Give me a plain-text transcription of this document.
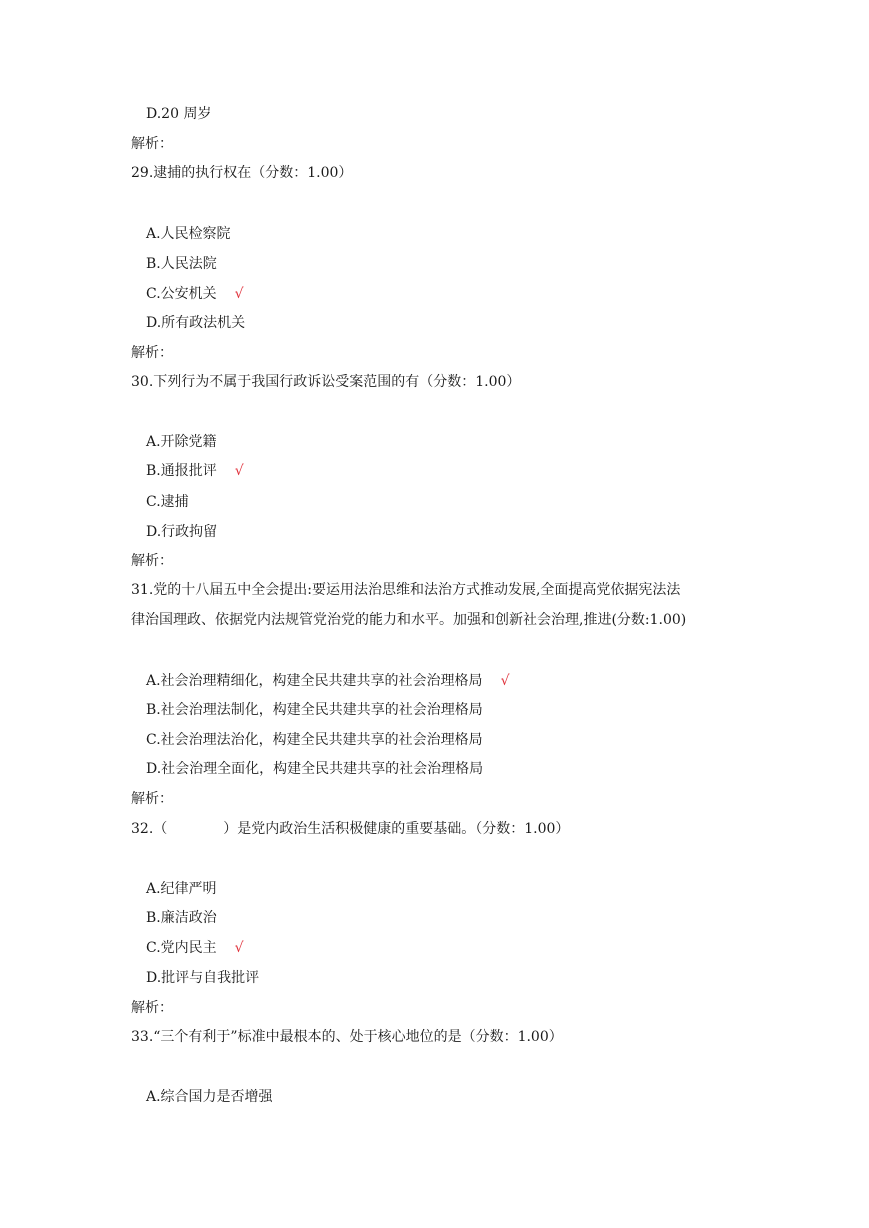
D.20 周岁
解析：
29.逮捕的执行权在（分数：1.00）
A.人民检察院
B.人民法院
C.公安机关 √
D.所有政法机关
解析：
30.下列行为不属于我国行政诉讼受案范围的有（分数：1.00）
A.开除党籍
B.通报批评 √
C.逮捕
D.行政拘留
解析：
31.党的十八届五中全会提出:要运用法治思维和法治方式推动发展,全面提高党依据宪法法
律治国理政、依据党内法规管党治党的能力和水平。加强和创新社会治理,推进(分数:1.00)
A.社会治理精细化，构建全民共建共享的社会治理格局 √
B.社会治理法制化，构建全民共建共享的社会治理格局
C.社会治理法治化，构建全民共建共享的社会治理格局
D.社会治理全面化，构建全民共建共享的社会治理格局
解析：
32.（　　　　）是党内政治生活积极健康的重要基础。（分数：1.00）
A.纪律严明
B.廉洁政治
C.党内民主 √
D.批评与自我批评
解析：
33.“三个有利于”标准中最根本的、处于核心地位的是（分数：1.00）
A.综合国力是否增强
